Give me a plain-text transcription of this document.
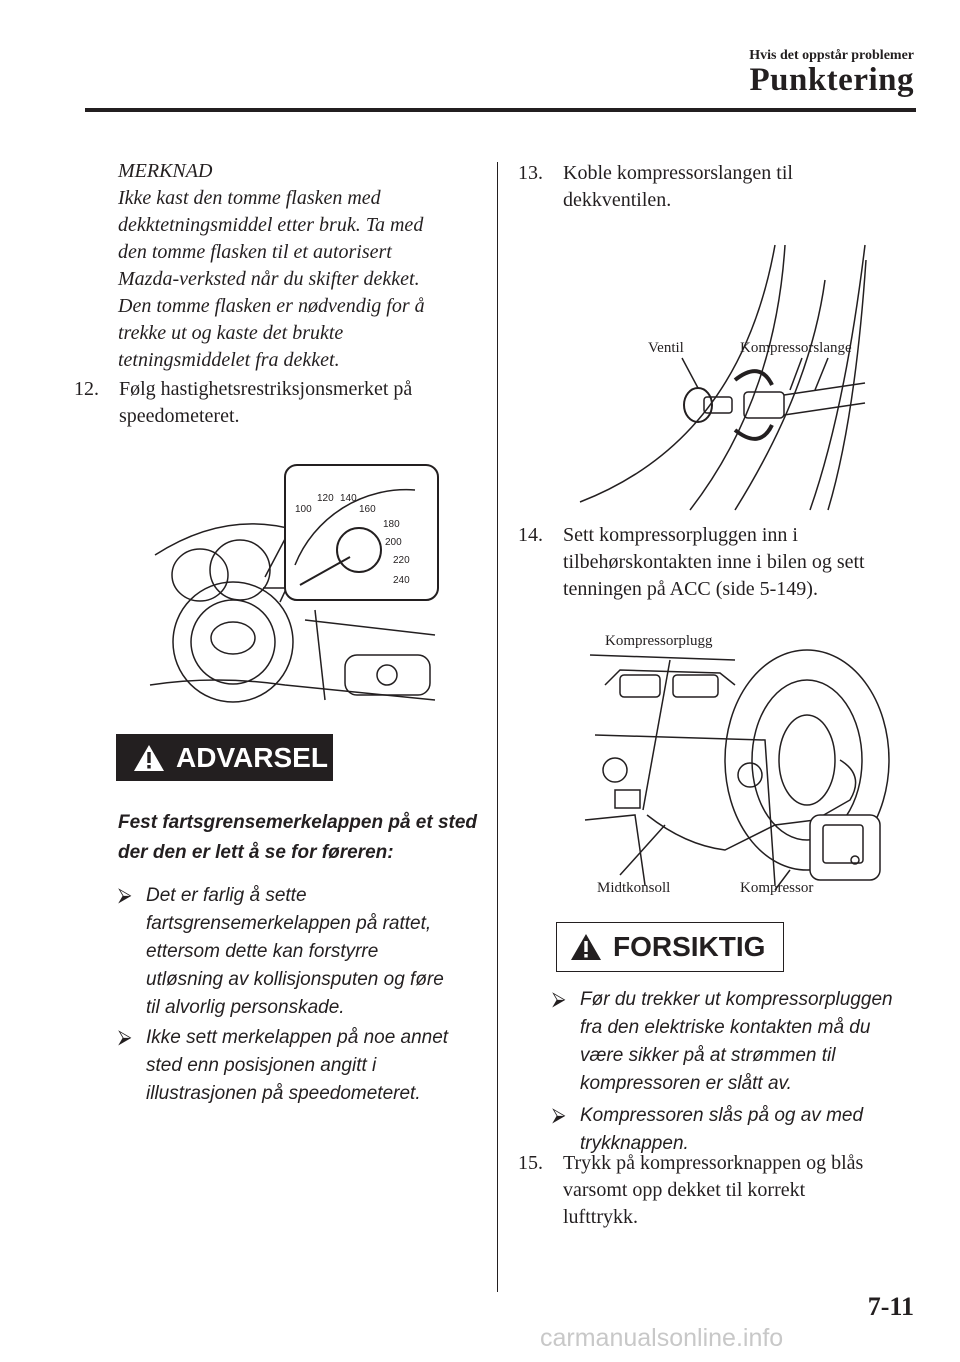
Hvis det oppstår problemer
Punktering
MERKNAD
Ikke kast den tomme flasken med
dekktetningsmiddel etter bruk. Ta med
den tomme flasken til et autorisert
Mazda-verksted når du skifter dekket.
Den tomme flasken er nødvendig for å
trekke ut og kaste det brukte
tetningsmiddelet fra dekket.
12.	Følg hastighetsrestriksjonsmerket på
speedometeret.
100
120 140
160
180
200
220
240
ADVARSEL
Fest fartsgrensemerkelappen på et sted
der den er lett å se for føreren:
⮚ Det er farlig å sette
fartsgrensemerkelappen på rattet,
ettersom dette kan forstyrre
utløsning av kollisjonsputen og føre
til alvorlig personskade.
⮚ Ikke sett merkelappen på noe annet
sted enn posisjonen angitt i
illustrasjonen på speedometeret.
13.	Koble kompressorslangen til
dekkventilen.
Ventil	Kompressorslange
14.	Sett kompressorpluggen inn i
tilbehørskontakten inne i bilen og sett
tenningen på ACC (side 5-149).
Kompressorplugg
Midtkonsoll	Kompressor
FORSIKTIG
⮚ Før du trekker ut kompressorpluggen
fra den elektriske kontakten må du
være sikker på at strømmen til
kompressoren er slått av.
⮚ Kompressoren slås på og av med
trykknappen.
15.	Trykk på kompressorknappen og blås
varsomt opp dekket til korrekt
lufttrykk.
7-11
carmanualsonline.info
